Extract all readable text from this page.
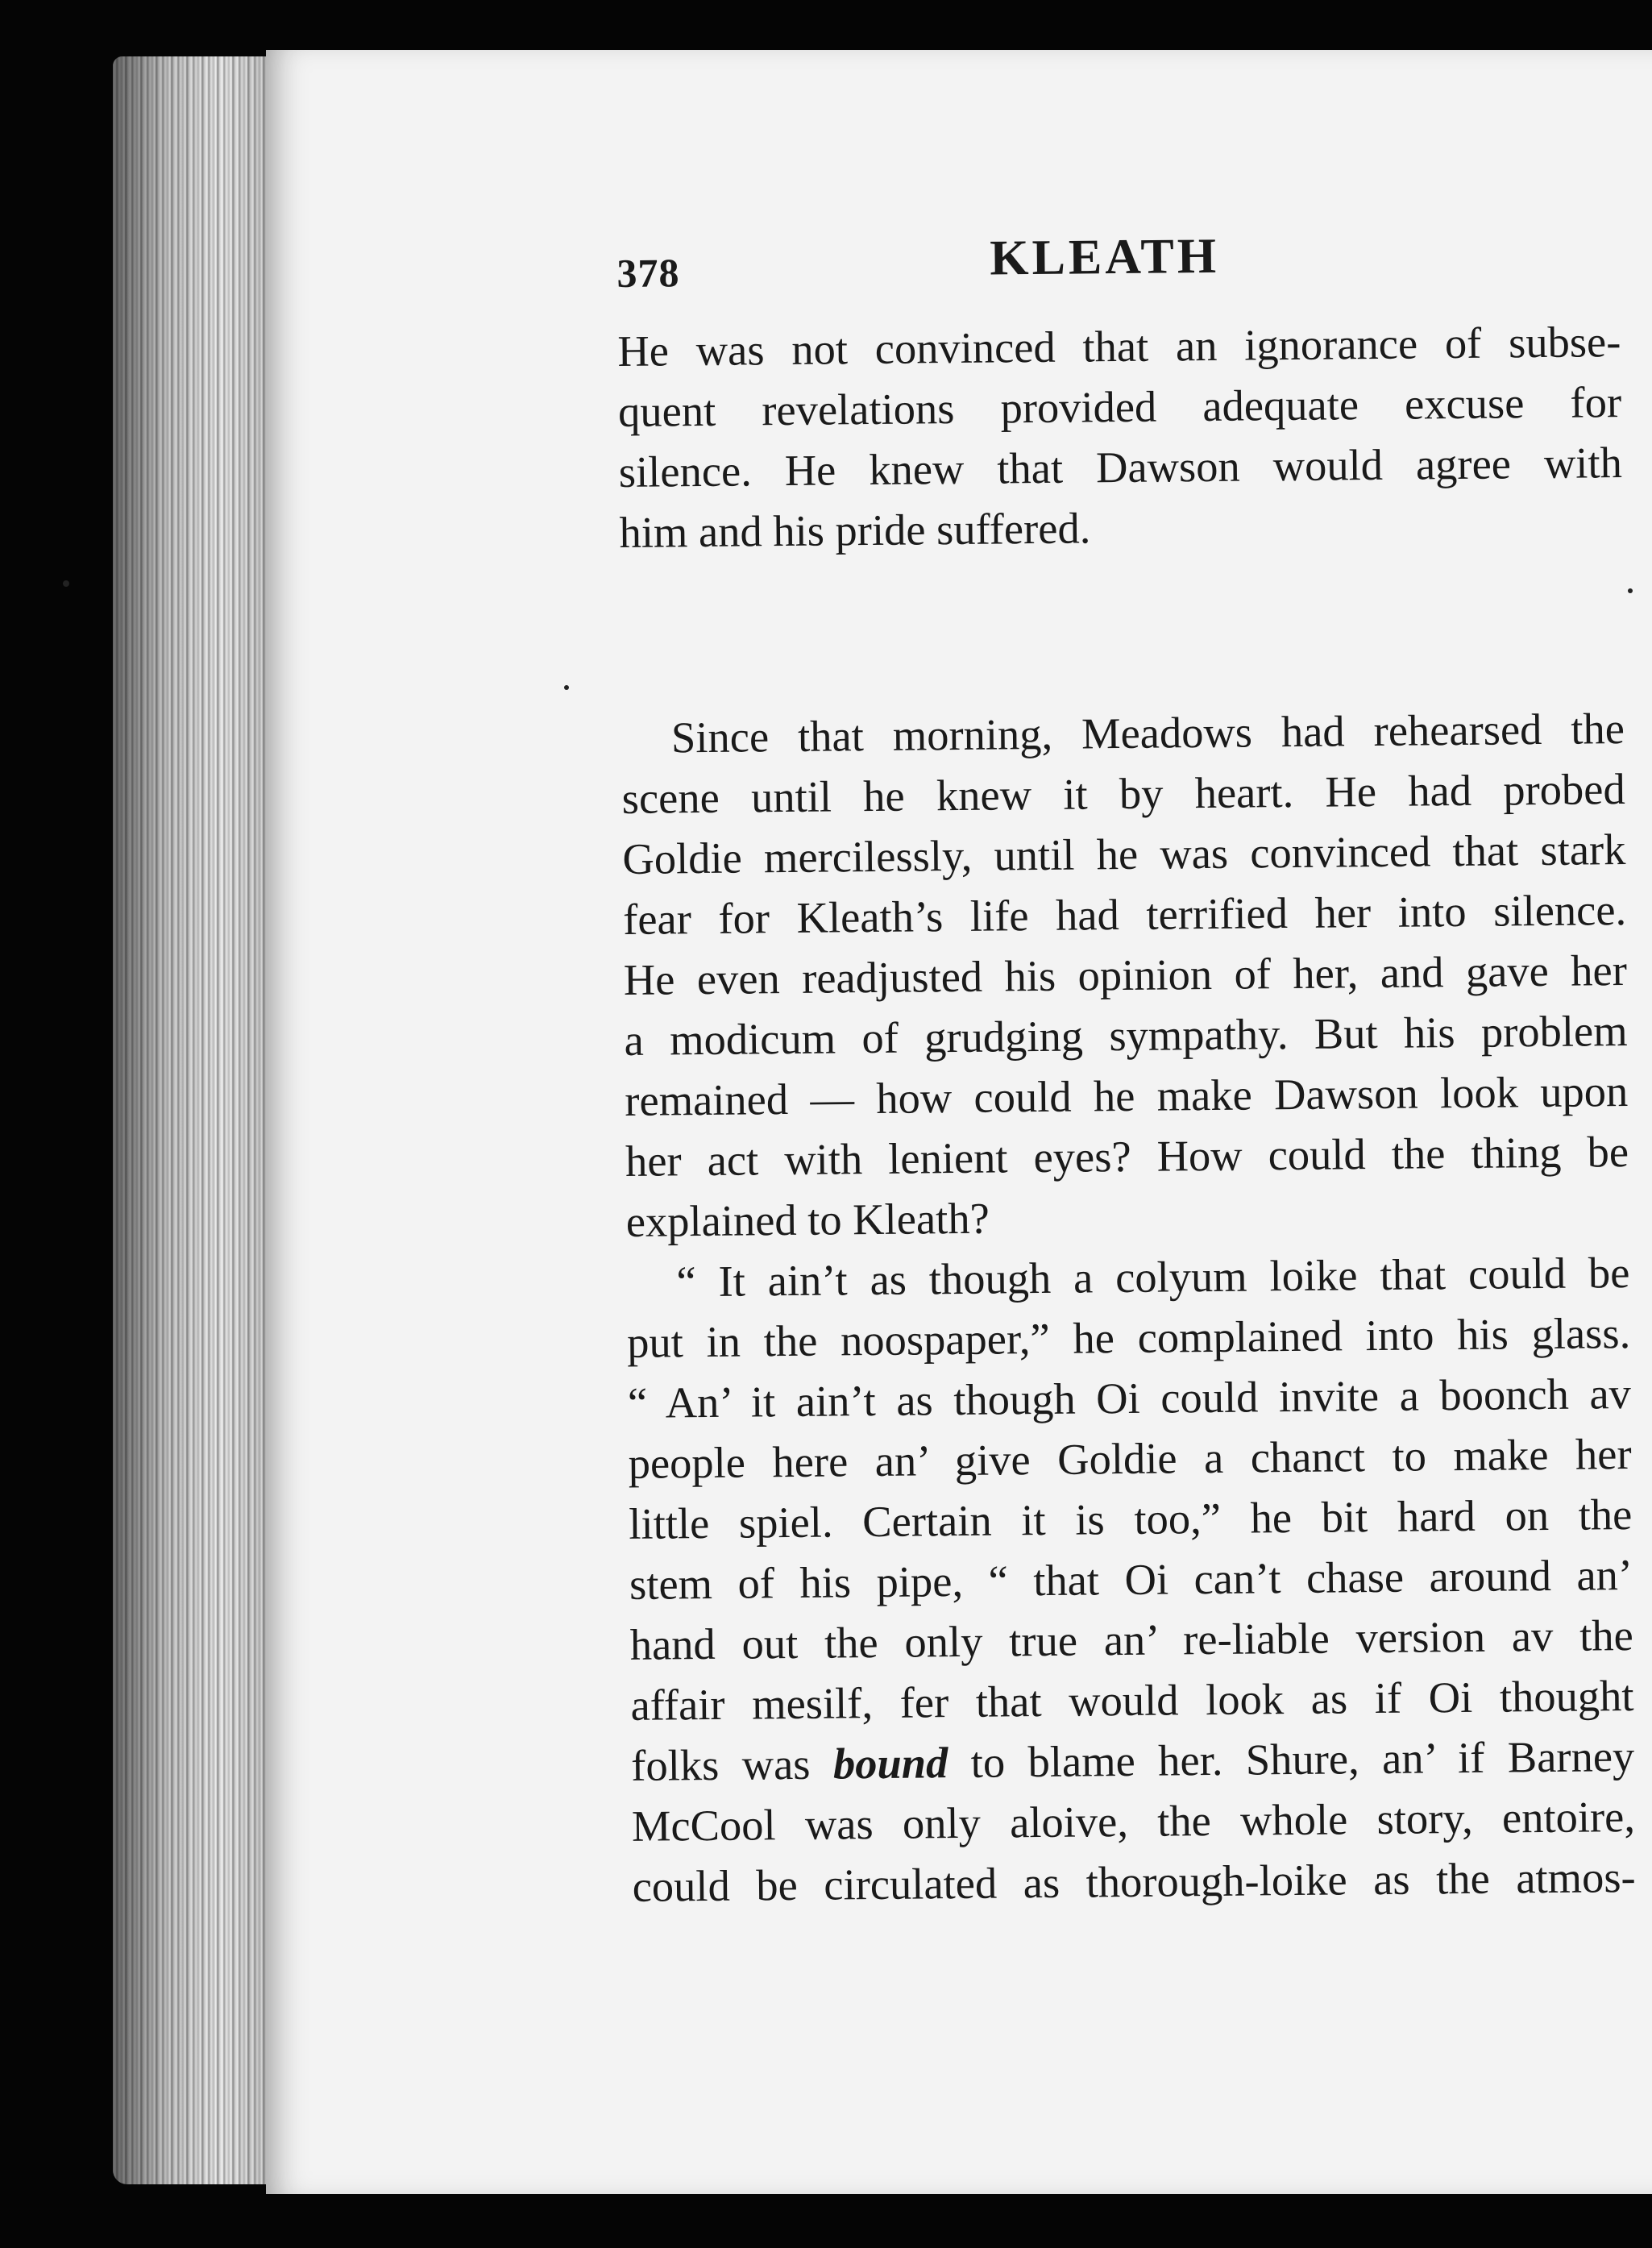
378	KLEATH

He was not convinced that an ignorance of subse-
quent revelations provided adequate excuse for
silence. He knew that Dawson would agree with
him and his pride suffered.

Since that morning, Meadows had rehearsed the
scene until he knew it by heart. He had probed
Goldie mercilessly, until he was convinced that stark
fear for Kleath’s life had terrified her into silence.
He even readjusted his opinion of her, and gave her
a modicum of grudging sympathy. But his problem
remained — how could he make Dawson look upon
her act with lenient eyes? How could the thing be
explained to Kleath?

“ It ain’t as though a colyum loike that could be
put in the noospaper,” he complained into his glass.
“ An’ it ain’t as though Oi could invite a boonch av
people here an’ give Goldie a chanct to make her
little spiel. Certain it is too,” he bit hard on the
stem of his pipe, “ that Oi can’t chase around an’
hand out the only true an’ re-liable version av the
affair mesilf, fer that would look as if Oi thought
folks was bound to blame her. Shure, an’ if Barney
McCool was only aloive, the whole story, entoire,
could be circulated as thorough-loike as the atmos-
